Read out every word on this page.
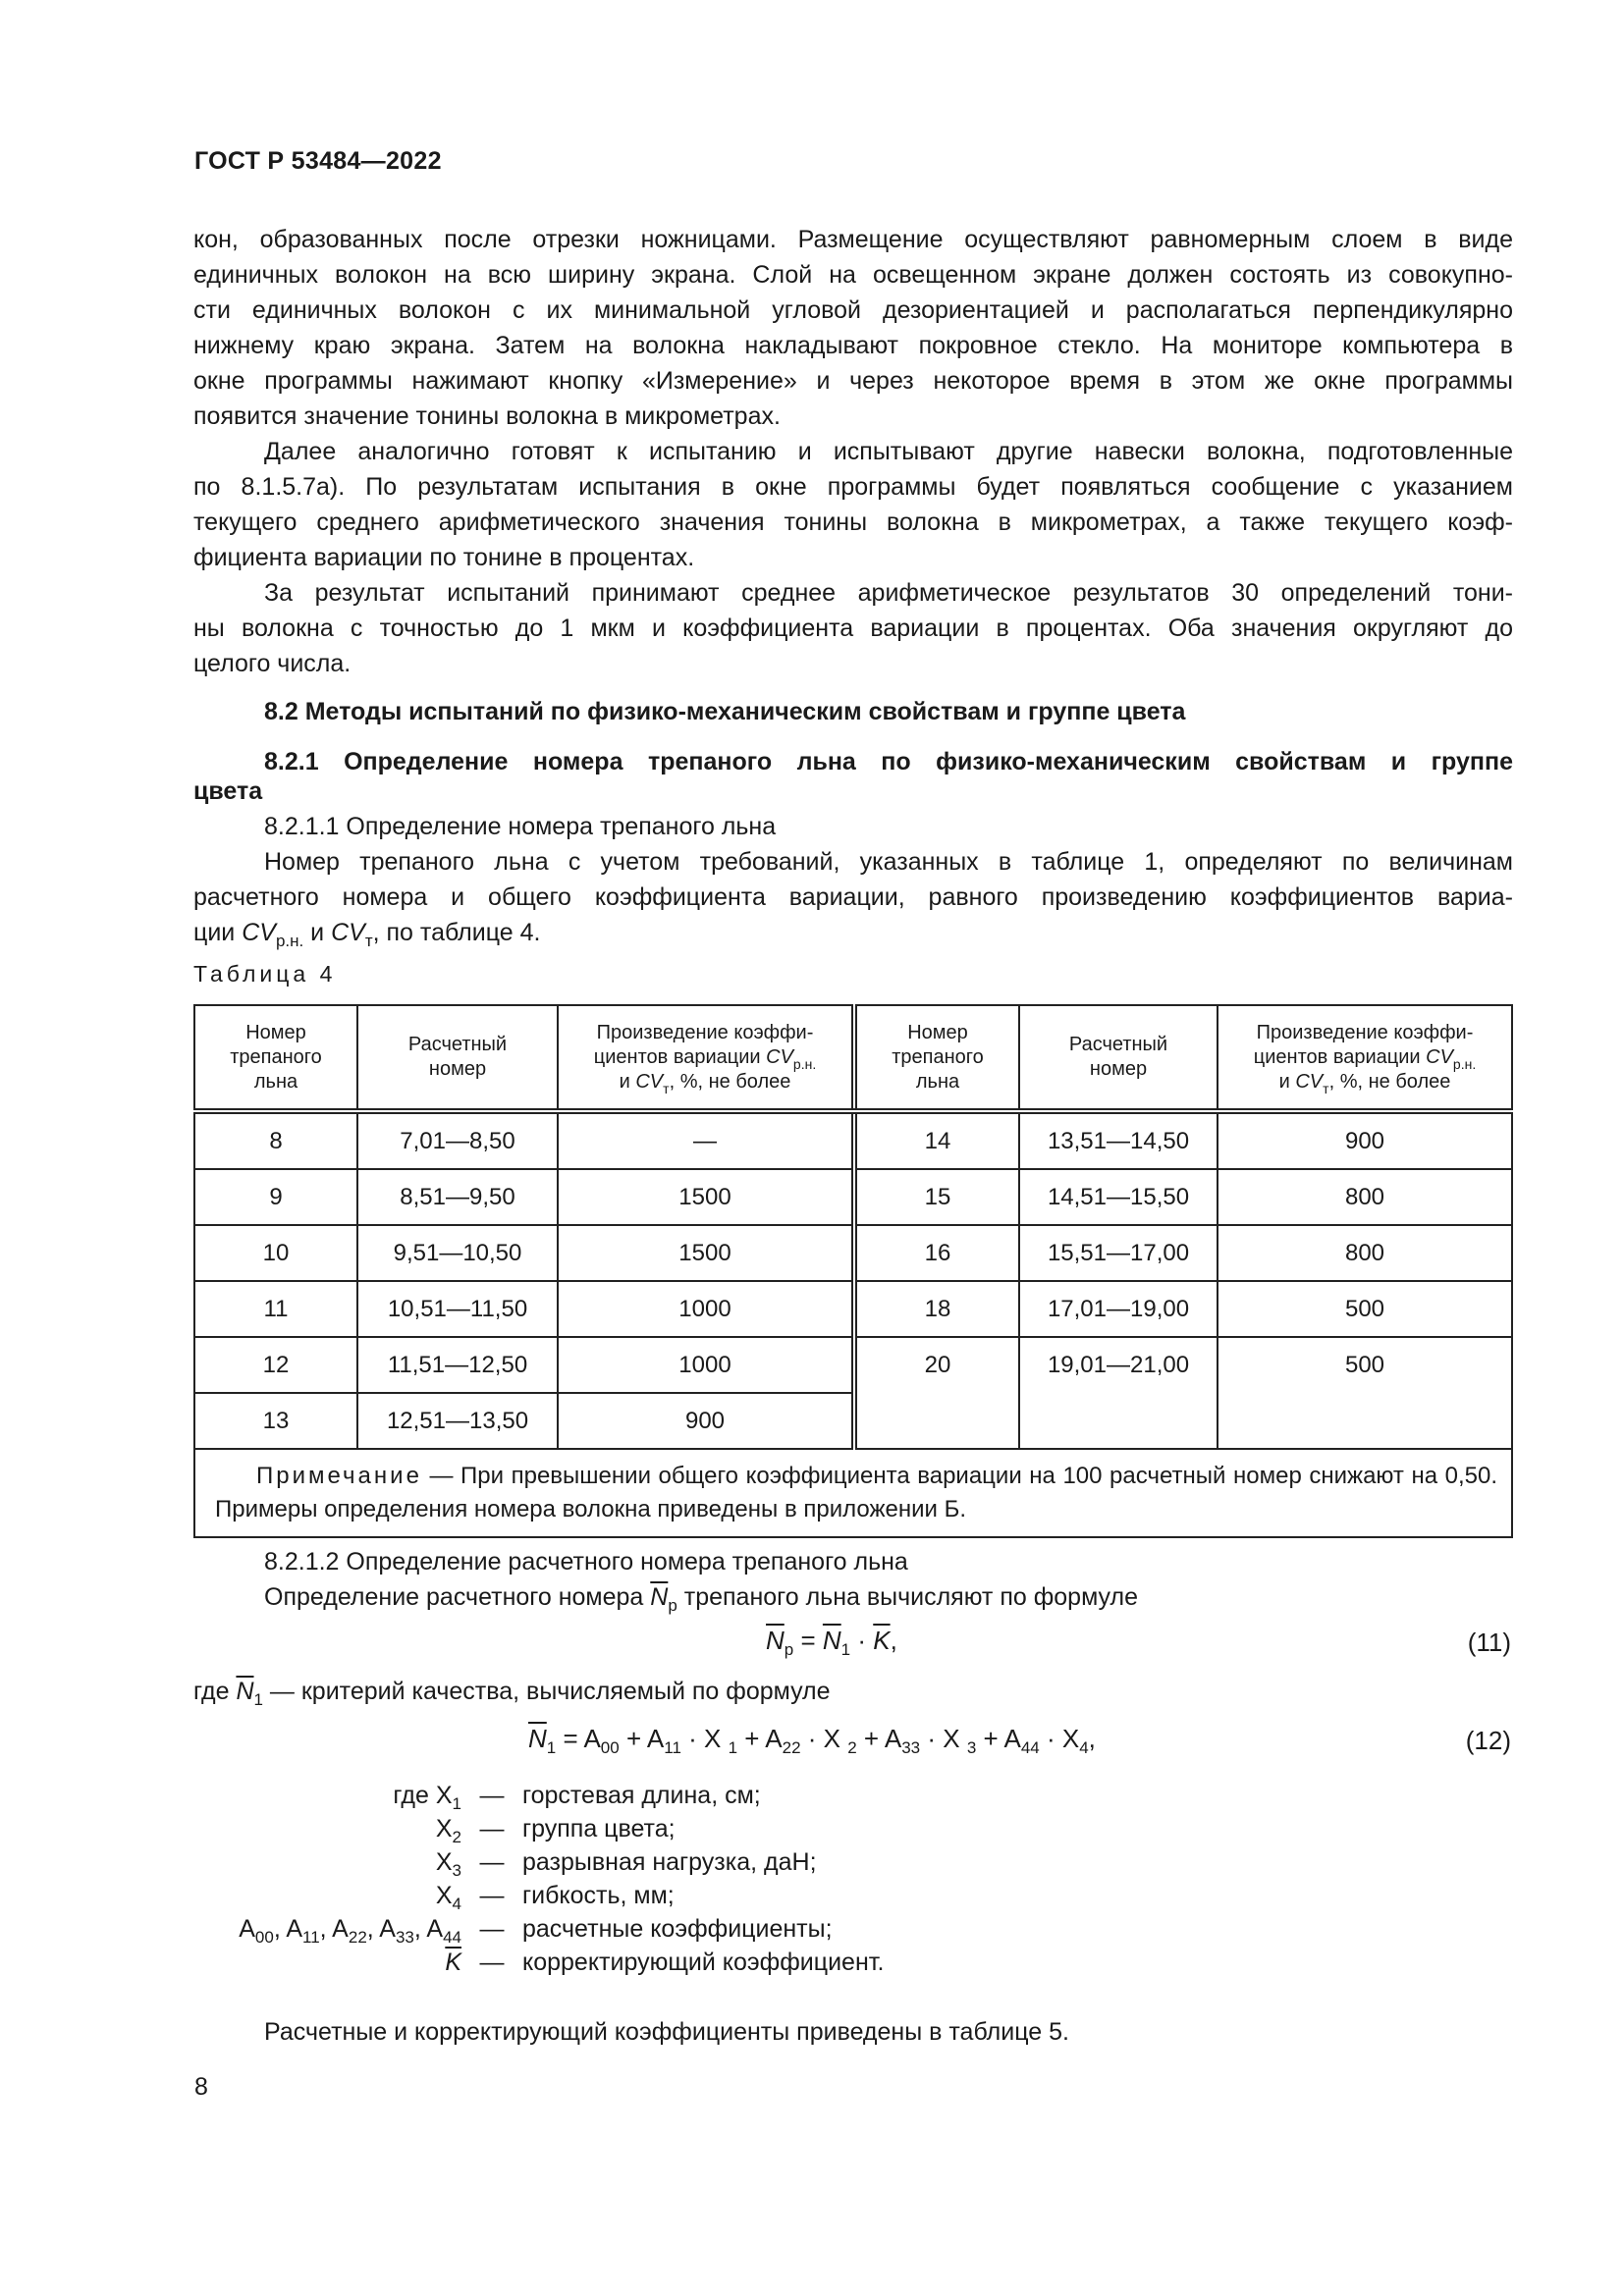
ГОСТ Р 53484—2022
кон, образованных после отрезки ножницами. Размещение осуществляют равномерным слоем в виде
единичных волокон на всю ширину экрана. Слой на освещенном экране должен состоять из совокупно-
сти единичных волокон с их минимальной угловой дезориентацией и располагаться перпендикулярно
нижнему краю экрана. Затем на волокна накладывают покровное стекло. На мониторе компьютера в
окне программы нажимают кнопку «Измерение» и через некоторое время в этом же окне программы
появится значение тонины волокна в микрометрах.
Далее аналогично готовят к испытанию и испытывают другие навески волокна, подготовленные
по 8.1.5.7а). По результатам испытания в окне программы будет появляться сообщение с указанием
текущего среднего арифметического значения тонины волокна в микрометрах, а также текущего коэф-
фициента вариации по тонине в процентах.
За результат испытаний принимают среднее арифметическое результатов 30 определений тони-
ны волокна с точностью до 1 мкм и коэффициента вариации в процентах. Оба значения округляют до
целого числа.
8.2 Методы испытаний по физико-механическим свойствам и группе цвета
8.2.1 Определение номера трепаного льна по физико-механическим свойствам и группе
цвета
8.2.1.1 Определение номера трепаного льна
Номер трепаного льна с учетом требований, указанных в таблице 1, определяют по величинам
расчетного номера и общего коэффициента вариации, равного произведению коэффициентов вариа-
ции $CV_{р.н.}$ и $CV_т$, по таблице 4.
Таблица 4
Номер
трепаного
льна	Расчетный
номер	Произведение коэффи-
циентов вариации $CV_{р.н.}$
и $CV_т$, %, не более	Номер
трепаного
льна	Расчетный
номер	Произведение коэффи-
циентов вариации $CV_{р.н.}$
и $CV_т$, %, не более
8	7,01—8,50	—	14	13,51—14,50	900
9	8,51—9,50	1500	15	14,51—15,50	800
10	9,51—10,50	1500	16	15,51—17,00	800
11	10,51—11,50	1000	18	17,01—19,00	500
12	11,51—12,50	1000	20	19,01—21,00	500
13	12,51—13,50	900			
Примечание — При превышении общего коэффициента вариации на 100 расчетный номер снижают на 0,50. Примеры определения номера волокна приведены в приложении Б.					
8.2.1.2 Определение расчетного номера трепаного льна
Определение расчетного номера $\overline{N}_р$ трепаного льна вычисляют по формуле
$\overline{N}_р = \overline{N}_1 \cdot \overline{K}$,	(11)
где $\overline{N}_1$ — критерий качества, вычисляемый по формуле
$\overline{N}_1 = A_{00} + A_{11} \cdot X$ $_1 + A_{22} \cdot X$ $_2 + A_{33} \cdot X$ $_3 + A_{44} \cdot X_4$,	(12)
где $X_1$ — горстевая длина, см;
$X_2$ — группа цвета;
$X_3$ — разрывная нагрузка, даН;
$X_4$ — гибкость, мм;
$A_{00}$, $A_{11}$, $A_{22}$, $A_{33}$, $A_{44}$ — расчетные коэффициенты;
$\overline{K}$ — корректирующий коэффициент.
Расчетные и корректирующий коэффициенты приведены в таблице 5.
8
